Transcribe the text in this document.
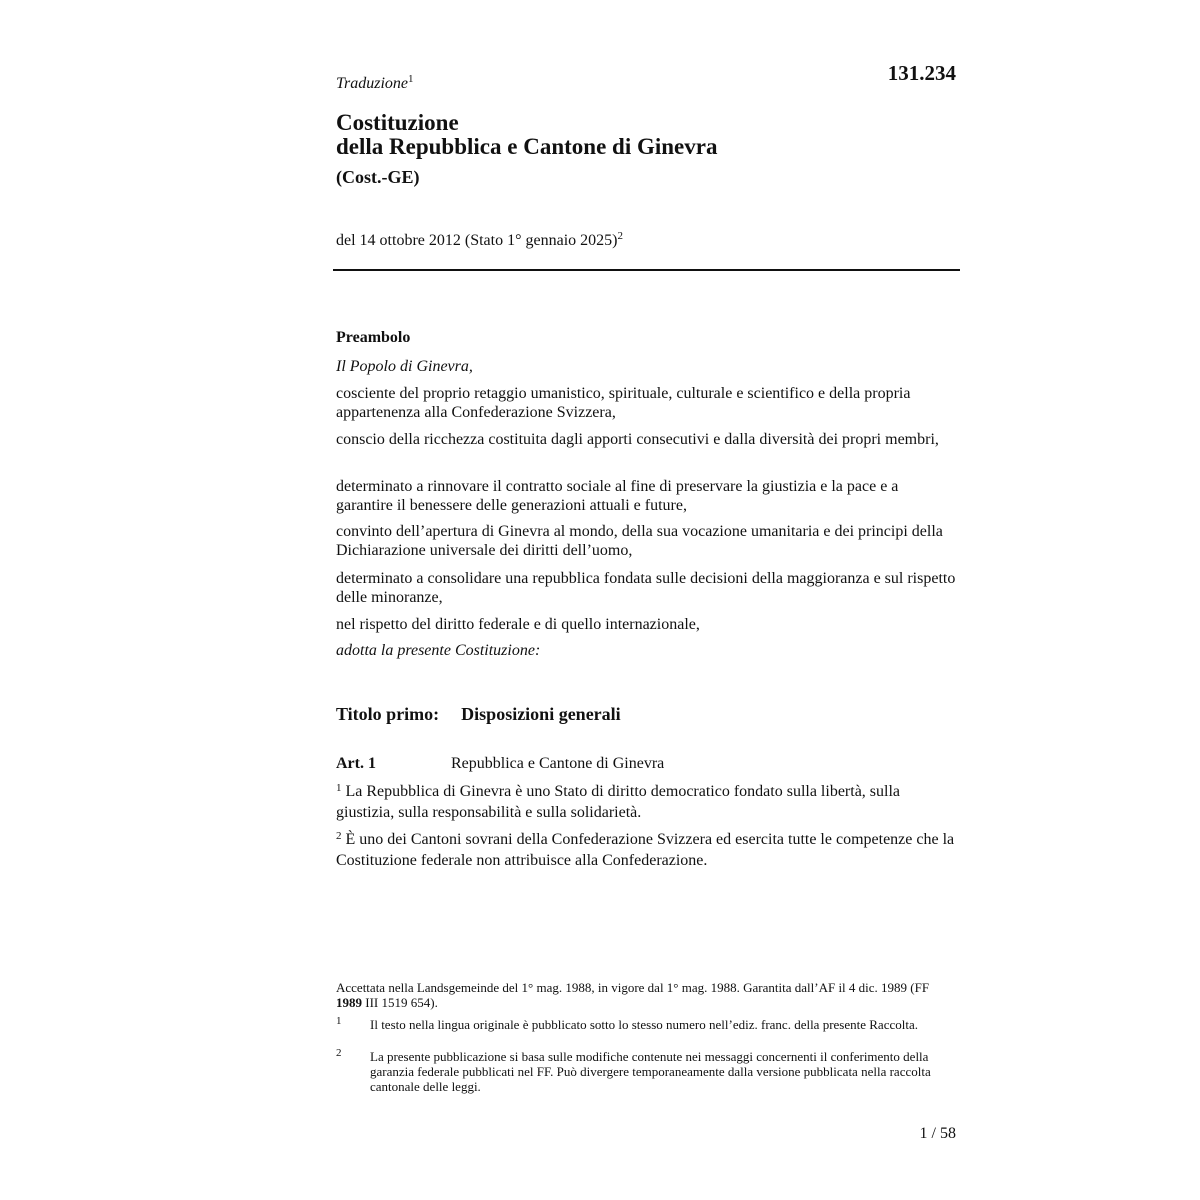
131.234
Traduzione$^1$
Costituzione
della Repubblica e Cantone di Ginevra
(Cost.-GE)
del 14 ottobre 2012 (Stato 1° gennaio 2025)$^2$
Preambolo
Il Popolo di Ginevra,
cosciente del proprio retaggio umanistico, spirituale, culturale e scientifico e della propria appartenenza alla Confederazione Svizzera,
conscio della ricchezza costituita dagli apporti consecutivi e dalla diversità dei propri membri,
determinato a rinnovare il contratto sociale al fine di preservare la giustizia e la pace e a garantire il benessere delle generazioni attuali e future,
convinto dell’apertura di Ginevra al mondo, della sua vocazione umanitaria e dei principi della Dichiarazione universale dei diritti dell’uomo,
determinato a consolidare una repubblica fondata sulle decisioni della maggioranza e sul rispetto delle minoranze,
nel rispetto del diritto federale e di quello internazionale,
adotta la presente Costituzione:
Titolo primo: Disposizioni generali
Art. 1	Repubblica e Cantone di Ginevra
$^1$ La Repubblica di Ginevra è uno Stato di diritto democratico fondato sulla libertà, sulla giustizia, sulla responsabilità e sulla solidarietà.
$^2$ È uno dei Cantoni sovrani della Confederazione Svizzera ed esercita tutte le competenze che la Costituzione federale non attribuisce alla Confederazione.
Accettata nella Landsgemeinde del 1° mag. 1988, in vigore dal 1° mag. 1988. Garantita dall’AF il 4 dic. 1989 (FF 1989 III 1519 654).
1 Il testo nella lingua originale è pubblicato sotto lo stesso numero nell’ediz. franc. della presente Raccolta.
2 La presente pubblicazione si basa sulle modifiche contenute nei messaggi concernenti il conferimento della garanzia federale pubblicati nel FF. Può divergere temporaneamente dalla versione pubblicata nella raccolta cantonale delle leggi.
1 / 58
